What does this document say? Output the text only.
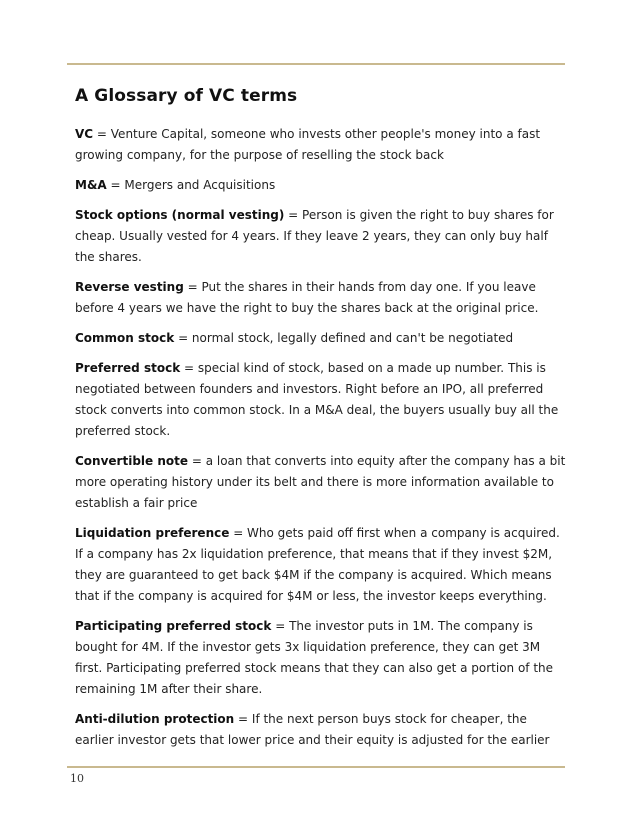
A Glossary of VC terms

VC = Venture Capital, someone who invests other people's money into a fast growing company, for the purpose of reselling the stock back

M&A = Mergers and Acquisitions

Stock options (normal vesting) = Person is given the right to buy shares for cheap. Usually vested for 4 years. If they leave 2 years, they can only buy half the shares.

Reverse vesting = Put the shares in their hands from day one. If you leave before 4 years we have the right to buy the shares back at the original price.

Common stock = normal stock, legally defined and can't be negotiated

Preferred stock = special kind of stock, based on a made up number. This is negotiated between founders and investors. Right before an IPO, all preferred stock converts into common stock. In a M&A deal, the buyers usually buy all the preferred stock.

Convertible note = a loan that converts into equity after the company has a bit more operating history under its belt and there is more information available to establish a fair price

Liquidation preference = Who gets paid off first when a company is acquired. If a company has 2x liquidation preference, that means that if they invest $2M, they are guaranteed to get back $4M if the company is acquired. Which means that if the company is acquired for $4M or less, the investor keeps everything.

Participating preferred stock = The investor puts in 1M. The company is bought for 4M. If the investor gets 3x liquidation preference, they can get 3M first. Participating preferred stock means that they can also get a portion of the remaining 1M after their share.

Anti-dilution protection = If the next person buys stock for cheaper, the earlier investor gets that lower price and their equity is adjusted for the earlier

10
